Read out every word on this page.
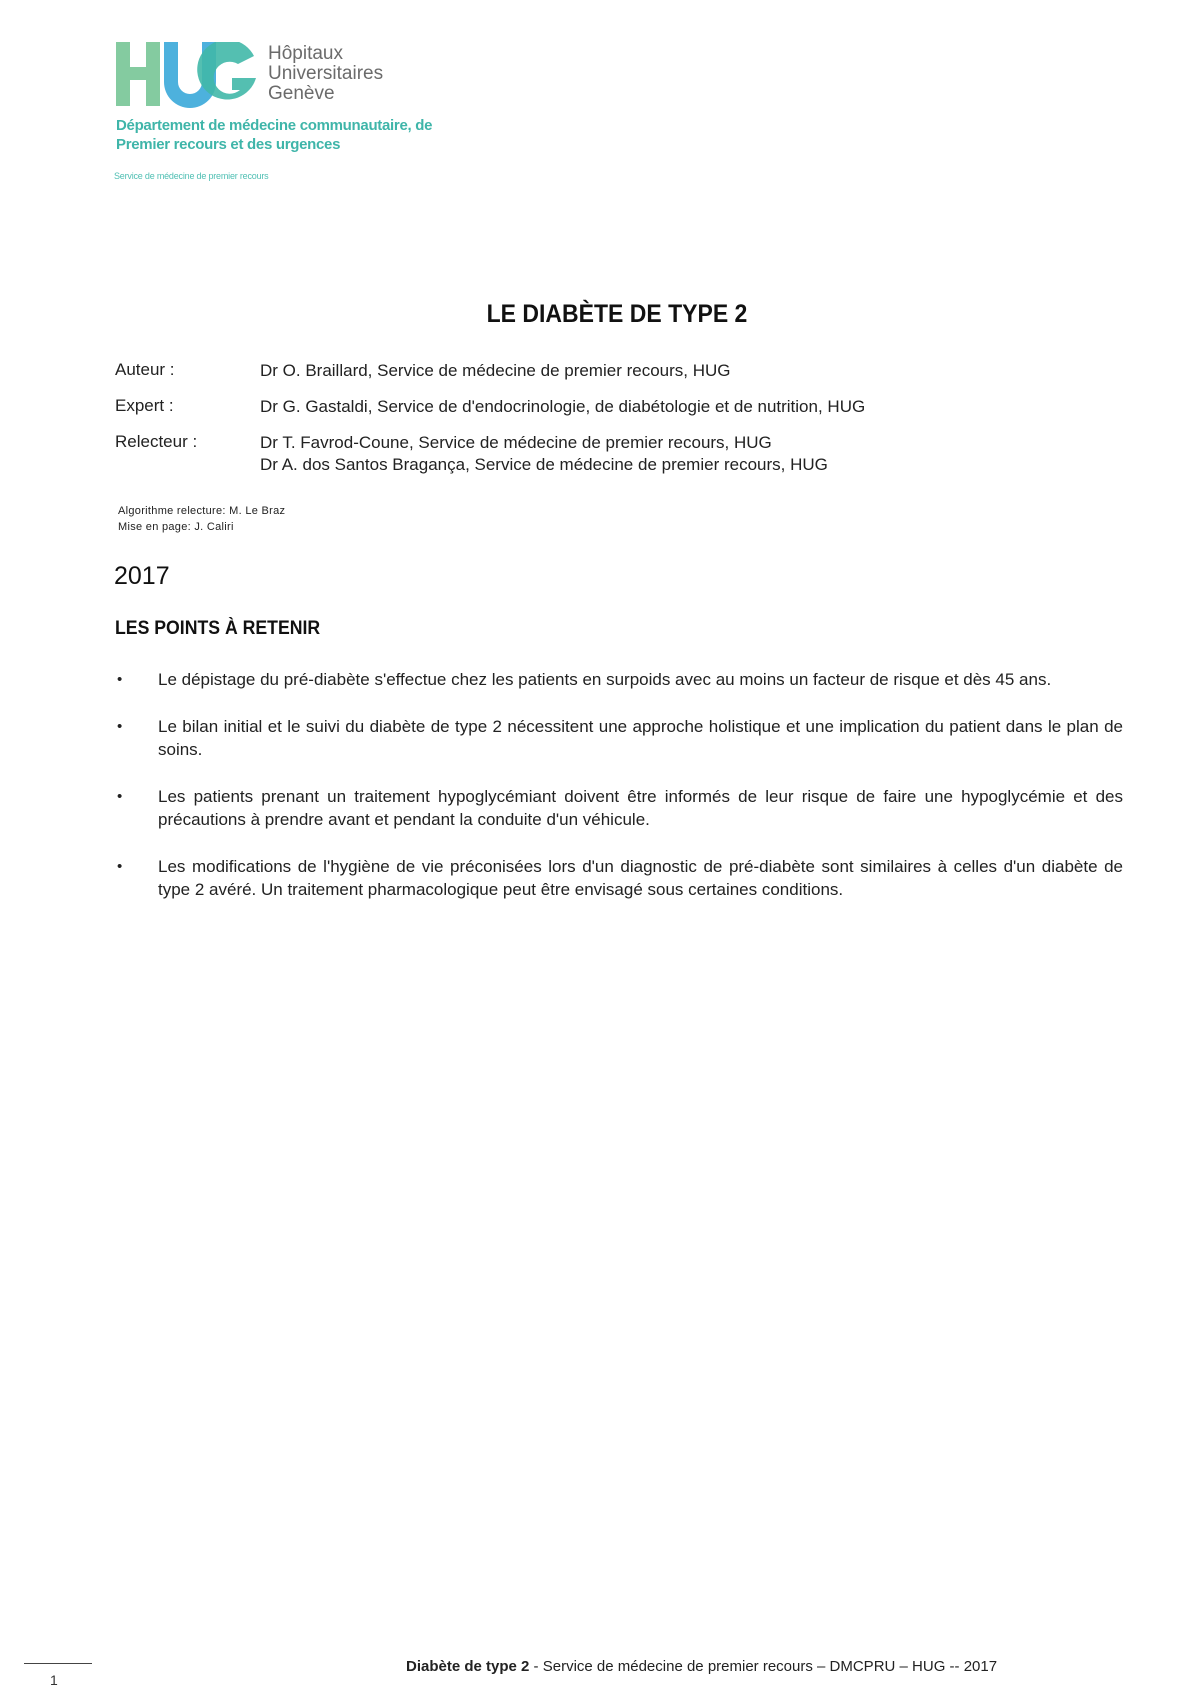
Hôpitaux
Universitaires
Genève
Département de médecine communautaire, de Premier recours et des urgences
Service de médecine de premier recours
LE DIABÈTE DE TYPE 2
Auteur :	Dr O. Braillard, Service de médecine de premier recours, HUG
Expert :	Dr G. Gastaldi, Service de d'endocrinologie, de diabétologie et de nutrition, HUG
Relecteur :	Dr T. Favrod-Coune, Service de médecine de premier recours, HUG
Dr A. dos Santos Bragança, Service de médecine de premier recours, HUG
Algorithme relecture: M. Le Braz
Mise en page: J. Caliri
2017
LES POINTS À RETENIR
• Le dépistage du pré-diabète s'effectue chez les patients en surpoids avec au moins un facteur de risque et dès 45 ans.
• Le bilan initial et le suivi du diabète de type 2 nécessitent une approche holistique et une implication du patient dans le plan de soins.
• Les patients prenant un traitement hypoglycémiant doivent être informés de leur risque de faire une hypoglycémie et des précautions à prendre avant et pendant la conduite d'un véhicule.
• Les modifications de l'hygiène de vie préconisées lors d'un diagnostic de pré-diabète sont similaires à celles d'un diabète de type 2 avéré. Un traitement pharmacologique peut être envisagé sous certaines conditions.
1
Diabète de type 2 - Service de médecine de premier recours – DMCPRU – HUG -- 2017
